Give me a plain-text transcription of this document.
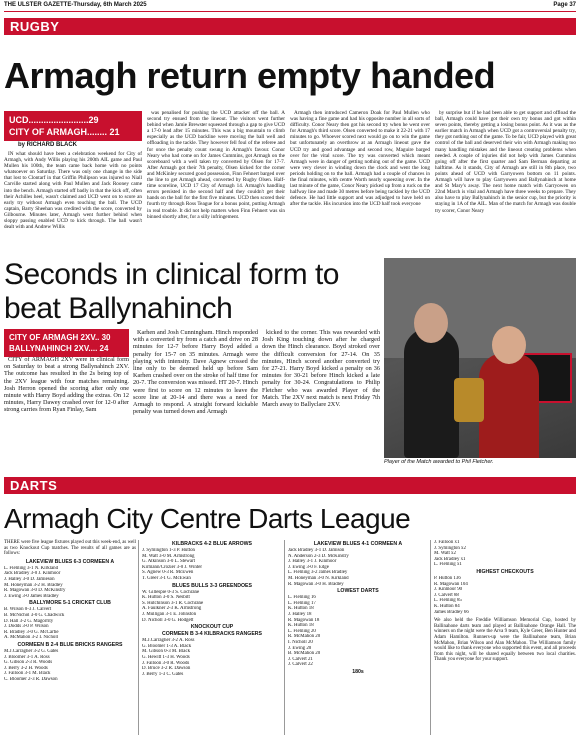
THE ULSTER GAZETTE-Thursday, 6th March 2025	Page 37
RUGBY
Armagh return empty handed
UCD........................29
CITY OF ARMAGH........ 21
by RICHARD BLACK

IN what should have been a celebration weekend for City of Armagh, with Andy Willis playing his 200th AIL game and Paul Mullen his 100th, the team came back home with no points whatsoever on Saturday. There was only one change in the side that lost to Clontarf in that Griffin Philipson was injured so Niall Carville started along with Paul Mullen and Jack Rooney came into the bench. Armagh started off badly in that the kick off, often their Achilles heel, wasn't claimed and UCD went on to score an early try without Armagh even touching the ball. The UCD captain, Barry Sheehan was credited with the score, converted by Gilbourne. Minutes later, Armagh went further behind when sloppy passing enabled UCD to kick through. The ball wasn't dealt with and Andrew Willis

was penalised for pushing the UCD attacker off the ball. A second try ensued from the lineout. The visitors went further behind when Jamie Brewster squeezed through a gap to give UCD a 17-0 lead after 15 minutes. This was a big mountain to climb especially as the UCD backline were moving the ball well and offloading in the tackle. They however fell foul of the referee and for once the penalty count swung in Armagh's favour. Conor Neary who had come on for James Cummins, got Armagh on the scoreboard with a well taken try converted by Olsen for 17-7. After Armagh got their 7th penalty, Olsen kicked for the corner and McKinley secured good possession, Finn Fehnert barged over the line to get Armagh ahead, converted by Rugby Olsen. Half-time scoreline, UCD 17 City of Armagh 14. Armagh's handling errors persisted in the second half and they couldn't get their hands on the ball for the first five minutes. UCD then scored their fourth try through Ross Teague for a bonus point, putting Armagh in real trouble. It did not help matters when Finn Fehnert was sin binned shortly after, for a silly infringement.

Armagh then introduced Cameron Doak for Paul Mullen who was having a fine game and had his opposite number in all sorts of difficulty. Conor Neary then got his second try when he went over for Armagh's third score. Olsen converted to make it 22-21 with 17 minutes to go. Whoever scored next would go on to win the game but unfortunately an overthrow at an Armagh lineout gave the UCD try and good advantage and second row, Maguire barged over for the vital score. The try was converted which meant Armagh were in danger of getting nothing out of the game. UCD were very clever in winding down the clock and went the long periods holding on to the ball. Armagh had a couple of chances in the final minutes, with centre Worth nearly squeezing over. In the last minute of the game, Conor Neary picked up from a ruck on the halfway line and made 30 metres before being tackled by the UCD defence. He had little support and was adjudged to have held on after the tackle. His incursion into the UCD half took everyone

by surprise but if he had been able to get support and offload the ball, Armagh could have got their own try bonus and got within seven points, thereby getting a losing bonus point. As it was as the earlier match in Armagh when UCD got a controversial penalty try, they got nothing out of the game. To be fair, UCD played with great control of the ball and deserved their win with Armagh making too many handling mistakes and the lineout creating problems when needed. A couple of injuries did not help with James Cummins going off after the first quarter and Sam Berman departing at halftime. As it stands, City of Armagh are still in 8th place, two points ahead of UCD with Garryowen bottom on 11 points. Armagh will have to play Garryowen and Ballynahinch at home and St Mary's away. The next home match with Garryowen on 22nd March is vital and Armagh have three weeks to prepare. They also have to play Ballynahinch in the senior cup, but the priority is staying in 1A of the AIL. Man of the match for Armagh was double try scorer, Conor Neary

Seconds in clinical form to beat Ballynahinch
CITY OF ARMAGH 2XV.. 30
BALLYNAHINCH 2XV.... 24

CITY of ARMAGH 2XV were in clinical form on Saturday to beat a strong Ballynahinch 2XV. The outcome has resulted in the 2s being top of the 2XV league with four matches remaining. Josh Herron opened the scoring after only one minute with Harry Boyd adding the extras. On 12 minutes, Harry Dawey crashed over for 12-0 after strong carries from Ryan Finlay, Sam

Karhen and Josh Cunningham. Hinch responded with a converted try from a catch and drive on 28 minutes for 12-7 before Harry Boyd added a penalty for 15-7 on 35 minutes. Armagh were playing with intensity. Dave Agnew crossed the line only to be deemed held up before Sam Karhen crashed over on the stroke of half time for 20-7. The conversion was missed. HT 20-7. Hinch were first to score on 12 minutes to leave the score line at 20-14 and there was a need for Armagh to respond. A straight forward kickable penalty was turned down and Armagh

kicked to the corner. This was rewarded with Josh King touching down after he charged down the Hinch clearance. Boyd stroked over the difficult conversion for 27-14. On 35 minutes, Hinch scored another converted try for 27-21. Harry Boyd kicked a penalty on 36 minutes for 30-21 before Hinch kicked a late penalty for 30-24. Congratulations to Philip Fletcher who was awarded Player of the Match. The 2XV next match is next Friday 7th March away to Ballyclare 2XV.

Player of the Match awarded to Phil Fletcher.
DARTS
Armagh City Centre Darts League
THERE were five league fixtures played out this week-end, as well as two Knockout Cup matches. The results of all games are as follows:
LAKEVIEW BLUES 6-3 CORMEEN A
L. Fleming 3-1 N. Kirkland
Jack Bradley 3-0 J. Kinmoor
J. Halley 3-0 D. Jamieson
M. Honeyman 3-2 H. Bradley
R. Magowan 3-0 D. McKinstry
J. Ewing 3-0 James Bradley
BALLYMORE 5-1 CRICKET CLUB
B. Wilson 0-3 J. Calvert
B. McNichol 3-0 G. Chadwick
D. Hall 3-2 G. Magorrity
J. Dodds 3-0 P. Wilson
R. Bradley 3-0 G. McCartie
A. McMahon 3-2 I. Nicholl
CORMEEN B 2-4 BLUE BRICKS RANGERS
M.J.Carragher 3-2 G. Gates
J. Bloomer 3-1 A. Ross
G. Gibson 2-3 R. Woods
J. Berry 3-2 H. Woods
J. Falloon 3-1 M. Black
C. Bloomer 2-3 R. Dawson
KILBRACKS 4-2 BLUE ARROWS
J. Symington 1-3 P. Hutton
M. Watt 3-0 M. Armstrong
G. Atkinson 3-0 L. Stewart
Kirmann/Crozier 3-0 J. Winter
S. Agnew 0-3 R. McEwen
T. Greer 3-1 G. McEwan
BLUES BULLS 3-3 GREENDOES
W. Gillespie 0-3 S. Cochrane
K. Hutton 3-0 S. Nesbitt
S. Hutchinson 3-1 R. Cochrane
A. Faulkner 2-3 K. Armstrong
J. Mulligan 3-1 E. Johnston
D. Nicholl 3-0 G. Hodgett
KNOCKOUT CUP
CORMEEN B 3-4 KILBRACKS RANGERS
M.J.Carragher 3-2 A. Ross
G. Bloomer 1-3 A. Black
M. Gibson 0-3 M. Black
G. Hewitt 1-3 H. Woods
J. Falloon 3-0 R. Woods
D. Bruce 3-2 R. Dawson
J. Berry 1-3 C. Gates
LAKEVIEW BLUES 4-1 CORMEEN A
Jack Bradley 3-1 D. Jamison
N. Anderson 2-3 D. McKinstry
J. Halley 3-1 J. Kinmoor
J. Ewing 3-0 F. Edge
L. Fleming 3-2 James Bradley
M. Honeyman 3-0 N. Kirkland
R. Magowan 3-0 H. Bradley
LOWEST DARTS
L. Fleming 16
L. Fleming 17
K. Hutton 18
J. Halley 18
R. Magowan 18
K. Hutton 18
L. Fleming 20
R. McMahon 20
I. Nicholl 20
J. Ewing 20
B. McMahon 20
J. Calvert 21
J. Calvert 22
180s
J. Falloon x1
J. Symington x2
M. Watt x2
Jack Bradley x1
L. Fleming x1
HIGHEST CHECKOUTS
P. Hutton 136
R. Magowan 104
J. Kinmoor 90
J. Calvert 88
L. Fleming 85
K. Hutton 84
James Bradley 66
We also held the Freddie Williamson Memorial Cup, hosted by Ballinahone darts team and played at Ballinahone Orange Hall. The winners on the night were the Arva 9 team, Kyle Greer, Ben Hunter and Adam Hamilton. Runners-up were the Ballinahone team, Brian McMahon, Brian Wilson and Alan McMahon. The Williamson family would like to thank everyone who supported this event, and all proceeds from this night, will be shared equally between two local charities. Thank you everyone for your support.
